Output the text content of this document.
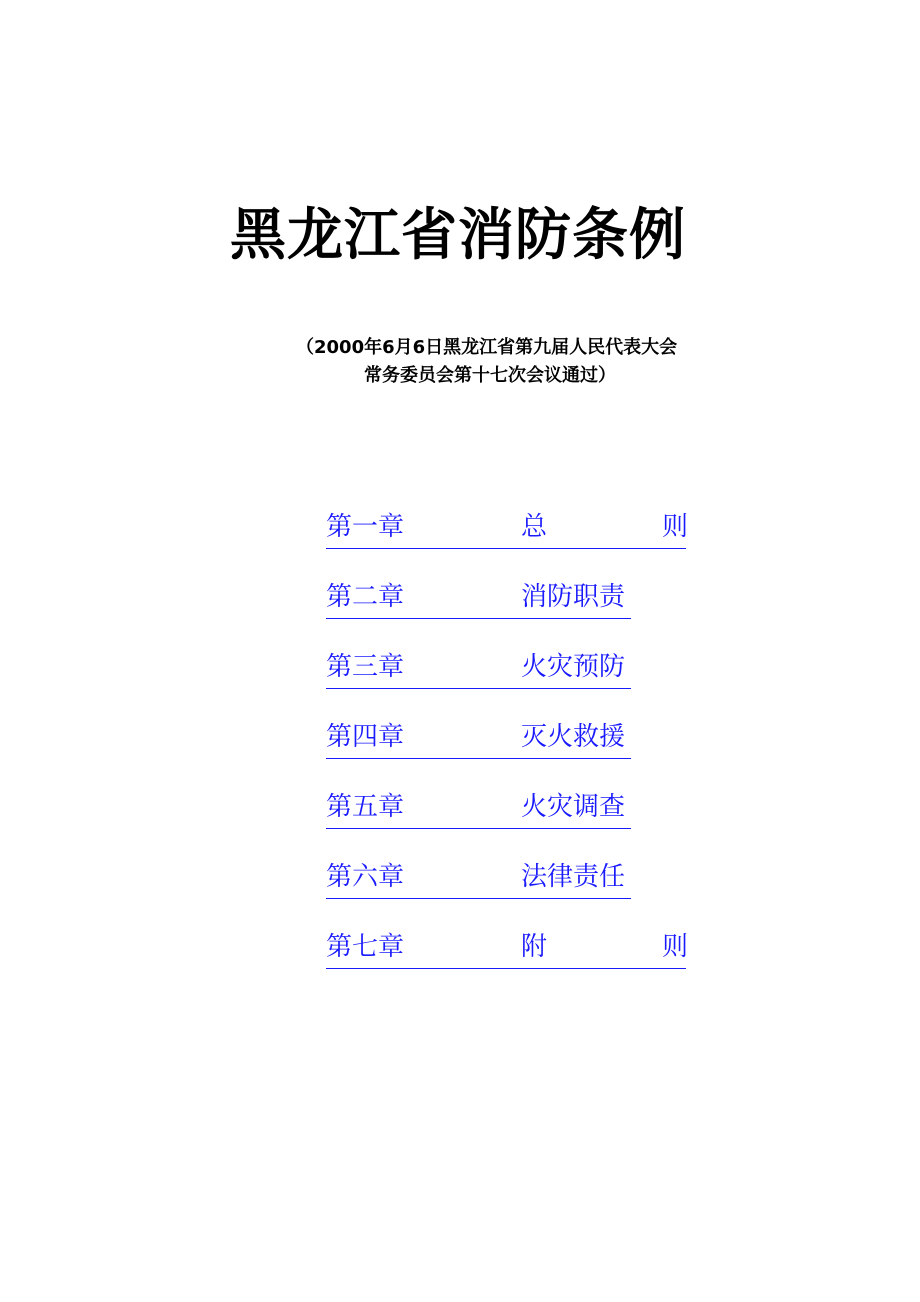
黑龙江省消防条例
（2000年6月6日黑龙江省第九届人民代表大会
常务委员会第十七次会议通过）
第一章	总	则
第二章	消防职责
第三章	火灾预防
第四章	灭火救援
第五章	火灾调查
第六章	法律责任
第七章	附	则
